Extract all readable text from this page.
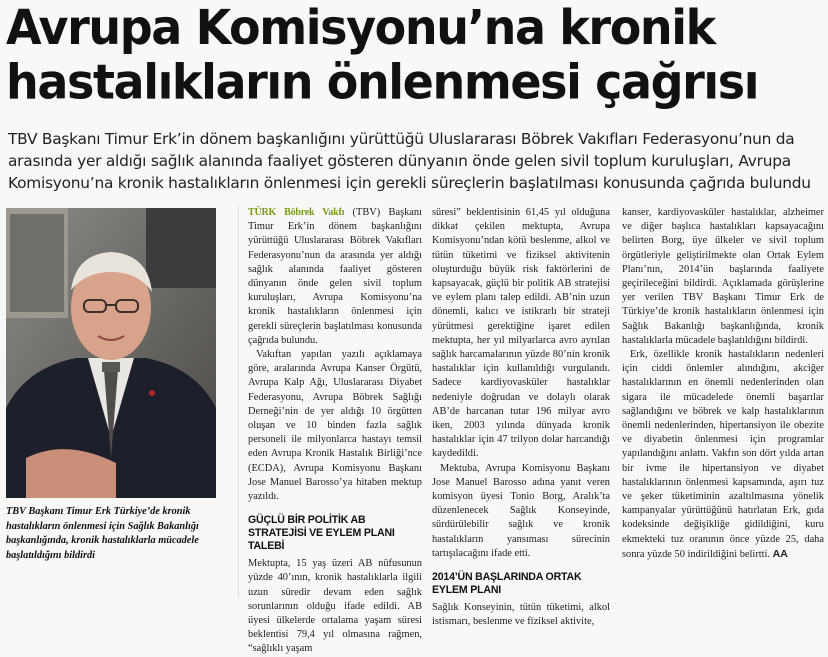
Avrupa Komisyonu’na kronik
hastalıkların önlenmesi çağrısı
TBV Başkanı Timur Erk’in dönem başkanlığını yürüttüğü Uluslararası Böbrek Vakıfları Federasyonu’nun da
arasında yer aldığı sağlık alanında faaliyet gösteren dünyanın önde gelen sivil toplum kuruluşları, Avrupa
Komisyonu’na kronik hastalıkların önlenmesi için gerekli süreçlerin başlatılması konusunda çağrıda bulundu
TBV Başkanı Timur Erk Türkiye’de kronik hastalıkların önlenmesi için Sağlık Bakanlığı başkanlığında, kronik hastalıklarla mücadele başlatıldığını bildirdi

TÜRK Böbrek Vakfı (TBV) Başkanı Timur Erk’in dönem başkanlığını yürüttüğü Uluslararası Böbrek Vakıfları Federasyonu’nun da arasında yer aldığı sağlık alanında faaliyet gösteren dünyanın önde gelen sivil toplum kuruluşları, Avrupa Komisyonu’na kronik hastalıkların önlenmesi için gerekli süreçlerin başlatılması konusunda çağrıda bulundu.

Vakıftan yapılan yazılı açıklamaya göre, aralarında Avrupa Kanser Örgütü, Avrupa Kalp Ağı, Uluslararası Diyabet Federasyonu, Avrupa Böbrek Sağlığı Derneği’nin de yer aldığı 10 örgütten oluşan ve 10 binden fazla sağlık personeli ile milyonlarca hastayı temsil eden Avrupa Kronik Hastalık Birliği’nce (ECDA), Avrupa Komisyonu Başkanı Jose Manuel Barosso’ya hitaben mektup yazıldı.

GÜÇLÜ BİR POLİTİK AB STRATEJİSİ VE EYLEM PLANI TALEBİ

Mektupta, 15 yaş üzeri AB nüfusunun yüzde 40’ının, kronik hastalıklarla ilgili uzun süredir devam eden sağlık sorunlarının olduğu ifade edildi. AB üyesi ülkelerde ortalama yaşam süresi beklentisi 79,4 yıl olmasına rağmen, “sağlıklı yaşam

süresi” beklentisinin 61,45 yıl olduğuna dikkat çekilen mektupta, Avrupa Komisyonu’ndan kötü beslenme, alkol ve tütün tüketimi ve fiziksel aktivitenin oluşturduğu büyük risk faktörlerini de kapsayacak, güçlü bir politik AB stratejisi ve eylem planı talep edildi. AB’nin uzun dönemli, kalıcı ve istikrarlı bir strateji yürütmesi gerektiğine işaret edilen mektupta, her yıl milyarlarca avro ayrılan sağlık harcamalarının yüzde 80’nin kronik hastalıklar için kullanıldığı vurgulandı. Sadece kardiyovasküler hastalıklar nedeniyle doğrudan ve dolaylı olarak AB’de harcanan tutar 196 milyar avro iken, 2003 yılında dünyada kronik hastalıklar için 47 trilyon dolar harcandığı kaydedildi.

Mektuba, Avrupa Komisyonu Başkanı Jose Manuel Barosso adına yanıt veren komisyon üyesi Tonio Borg, Aralık’ta düzenlenecek Sağlık Konseyinde, sürdürülebilir sağlık ve kronik hastalıkların yansıması sürecinin tartışılacağını ifade etti.

2014’ÜN BAŞLARINDA ORTAK EYLEM PLANI

Sağlık Konseyinin, tütün tüketimi, alkol istismarı, beslenme ve fiziksel aktivite,

kanser, kardiyovasküler hastalıklar, alzheimer ve diğer başlıca hastalıkları kapsayacağını belirten Borg, üye ülkeler ve sivil toplum örgütleriyle geliştirilmekte olan Ortak Eylem Planı’nın, 2014’ün başlarında faaliyete geçirileceğini bildirdi. Açıklamada görüşlerine yer verilen TBV Başkanı Timur Erk de Türkiye’de kronik hastalıkların önlenmesi için Sağlık Bakanlığı başkanlığında, kronik hastalıklarla mücadele başlatıldığını bildirdi.

Erk, özellikle kronik hastalıkların nedenleri için ciddi önlemler alındığını, akciğer hastalıklarının en önemli nedenlerinden olan sigara ile mücadelede önemli başarılar sağlandığını ve böbrek ve kalp hastalıklarının önemli nedenlerinden, hipertansiyon ile obezite ve diyabetin önlenmesi için programlar yapılandığını anlattı. Vakfın son dört yılda artan bir ivme ile hipertansiyon ve diyabet hastalıklarının önlenmesi kapsamında, aşırı tuz ve şeker tüketiminin azaltılmasına yönelik kampanyalar yürüttüğünü hatırlatan Erk, gıda kodeksinde değişikliğe gidildiğini, kuru ekmekteki tuz oranının önce yüzde 25, daha sonra yüzde 50 indirildiğini belirtti. AA
